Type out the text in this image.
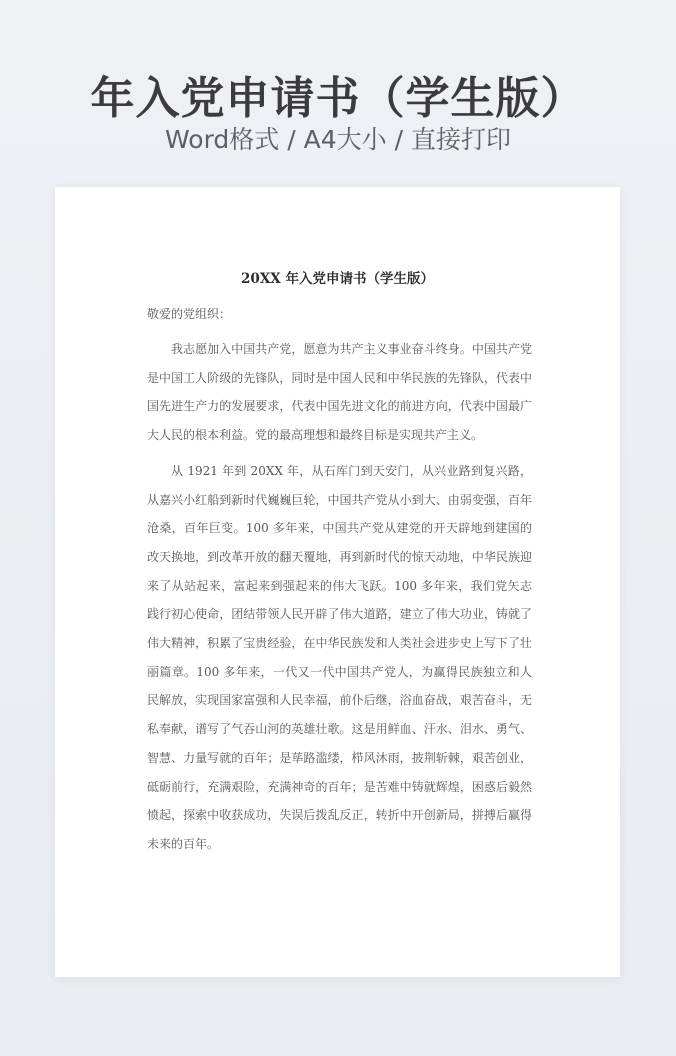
年入党申请书（学生版）
Word格式 / A4大小 / 直接打印
20XX 年入党申请书（学生版）
敬爱的党组织：

我志愿加入中国共产党，愿意为共产主义事业奋斗终身。中国共产党是中国工人阶级的先锋队，同时是中国人民和中华民族的先锋队，代表中国先进生产力的发展要求，代表中国先进文化的前进方向，代表中国最广大人民的根本利益。党的最高理想和最终目标是实现共产主义。

从 1921 年到 20XX 年，从石库门到天安门，从兴业路到复兴路，从嘉兴小红船到新时代巍巍巨轮，中国共产党从小到大、由弱变强，百年沧桑，百年巨变。100 多年来，中国共产党从建党的开天辟地到建国的改天换地，到改革开放的翻天覆地，再到新时代的惊天动地，中华民族迎来了从站起来，富起来到强起来的伟大飞跃。100 多年来，我们党矢志践行初心使命，团结带领人民开辟了伟大道路，建立了伟大功业，铸就了伟大精神，积累了宝贵经验，在中华民族发和人类社会进步史上写下了壮丽篇章。100 多年来，一代又一代中国共产党人，为赢得民族独立和人民解放，实现国家富强和人民幸福，前仆后继，浴血奋战，艰苦奋斗，无私奉献，谱写了气吞山河的英雄壮歌。这是用鲜血、汗水、泪水、勇气、智慧、力量写就的百年；是荜路滥缕，栉风沐雨，披荆斩棘，艰苦创业，砥砺前行，充满艰险，充满神奇的百年；是苦难中铸就辉煌，困惑后毅然愤起，探索中收获成功，失误后拨乱反正，转折中开创新局，拼搏后赢得未来的百年。
